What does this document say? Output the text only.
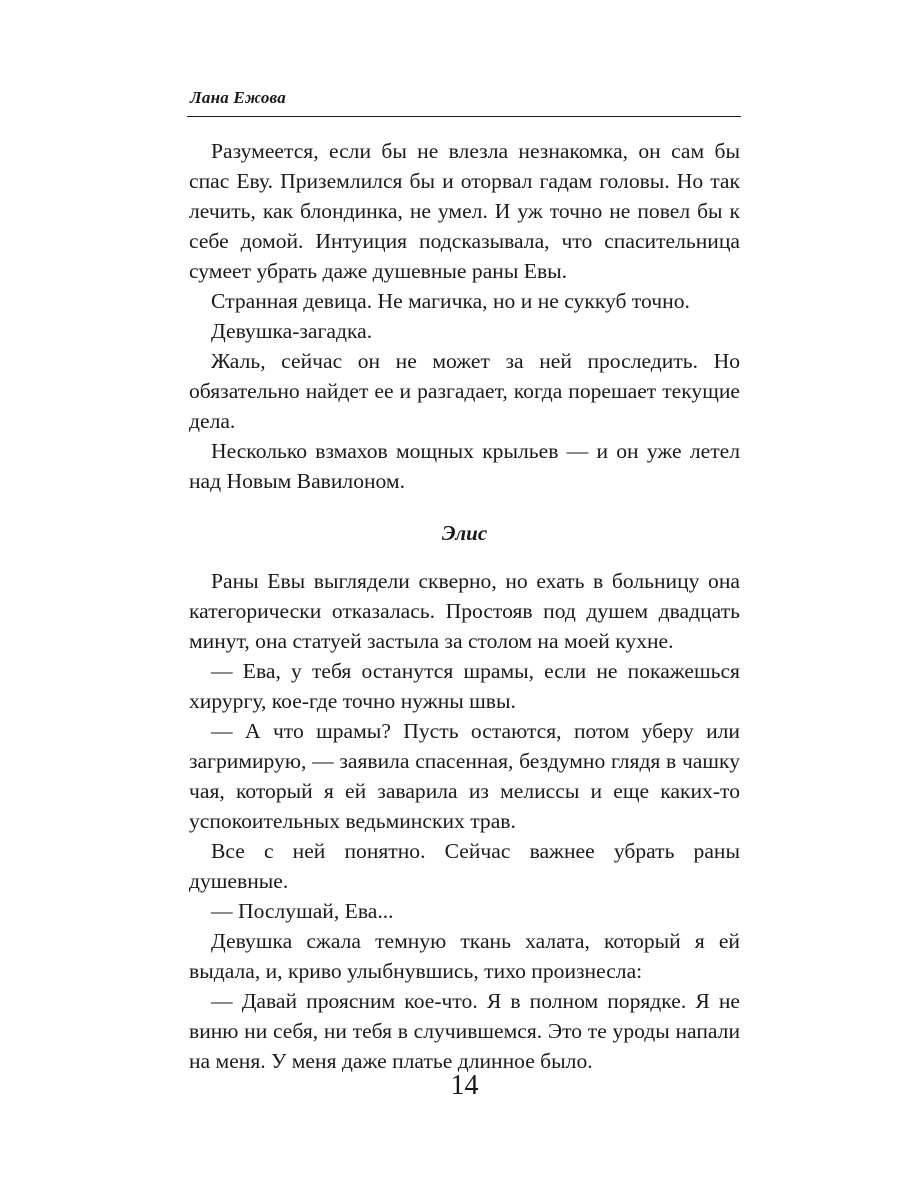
Лана Ежова

Разумеется, если бы не влезла незнакомка, он сам бы спас Еву. Приземлился бы и оторвал гадам головы. Но так лечить, как блондинка, не умел. И уж точно не повел бы к себе домой. Интуиция подсказывала, что спасительница сумеет убрать даже душевные раны Евы.

Странная девица. Не магичка, но и не суккуб точно.

Девушка-загадка.

Жаль, сейчас он не может за ней проследить. Но обязательно найдет ее и разгадает, когда порешает текущие дела.

Несколько взмахов мощных крыльев — и он уже летел над Новым Вавилоном.

Элис

Раны Евы выглядели скверно, но ехать в больницу она категорически отказалась. Простояв под душем двадцать минут, она статуей застыла за столом на моей кухне.

— Ева, у тебя останутся шрамы, если не покажешься хирургу, кое-где точно нужны швы.

— А что шрамы? Пусть остаются, потом уберу или загримирую, — заявила спасенная, бездумно глядя в чашку чая, который я ей заварила из мелиссы и еще каких-то успокоительных ведьминских трав.

Все с ней понятно. Сейчас важнее убрать раны душевные.

— Послушай, Ева...

Девушка сжала темную ткань халата, который я ей выдала, и, криво улыбнувшись, тихо произнесла:

— Давай проясним кое-что. Я в полном порядке. Я не виню ни себя, ни тебя в случившемся. Это те уроды напали на меня. У меня даже платье длинное было.

14
